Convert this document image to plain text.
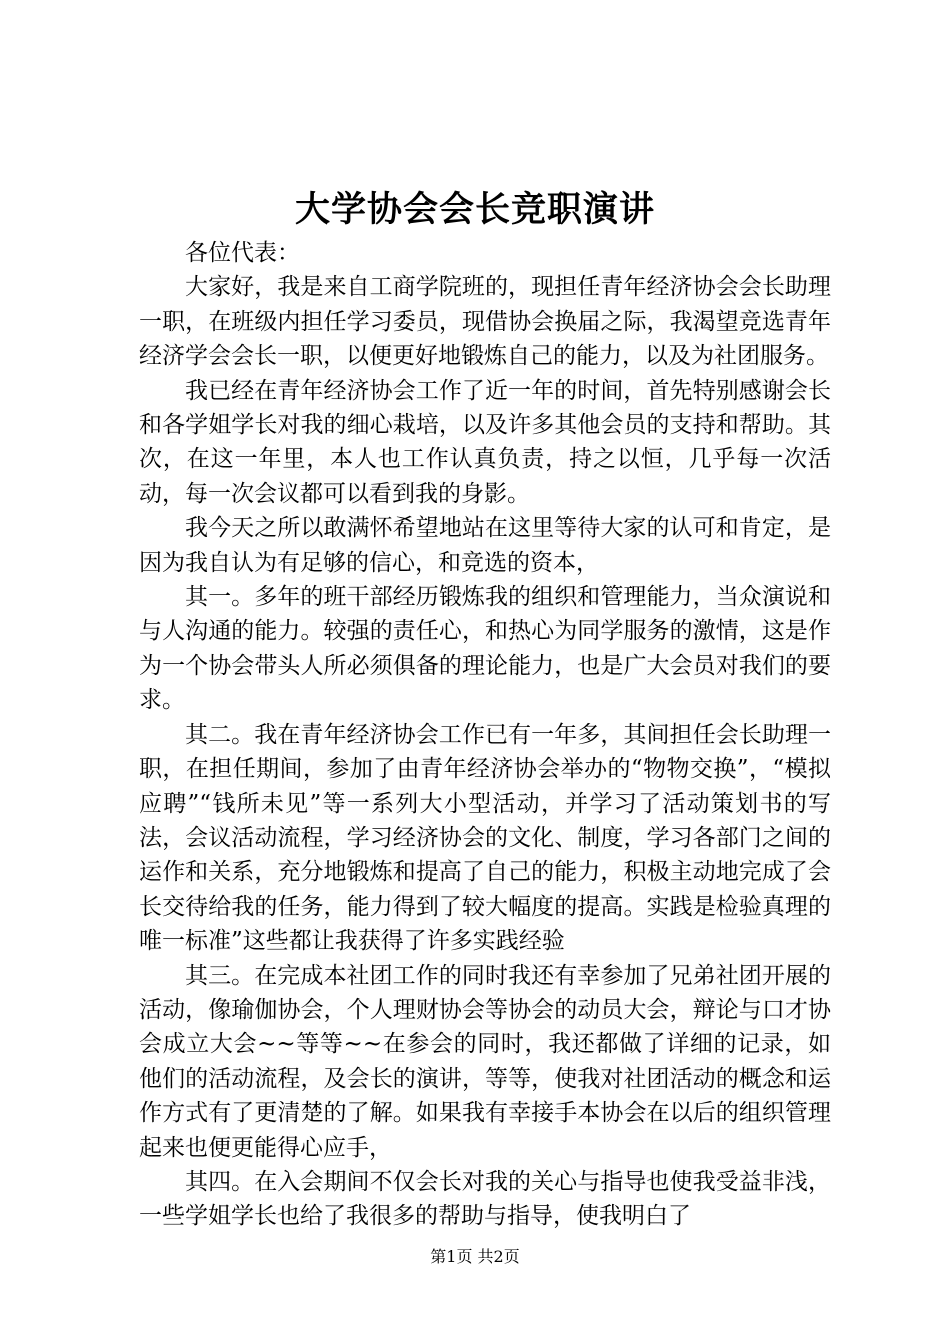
大学协会会长竞职演讲

各位代表：

大家好，我是来自工商学院班的，现担任青年经济协会会长助理一职，在班级内担任学习委员，现借协会换届之际，我渴望竞选青年经济学会会长一职，以便更好地锻炼自己的能力，以及为社团服务。

我已经在青年经济协会工作了近一年的时间，首先特别感谢会长和各学姐学长对我的细心栽培，以及许多其他会员的支持和帮助。其次，在这一年里，本人也工作认真负责，持之以恒，几乎每一次活动，每一次会议都可以看到我的身影。

我今天之所以敢满怀希望地站在这里等待大家的认可和肯定，是因为我自认为有足够的信心，和竞选的资本，

其一。多年的班干部经历锻炼我的组织和管理能力，当众演说和与人沟通的能力。较强的责任心，和热心为同学服务的激情，这是作为一个协会带头人所必须俱备的理论能力，也是广大会员对我们的要求。

其二。我在青年经济协会工作已有一年多，其间担任会长助理一职，在担任期间，参加了由青年经济协会举办的“物物交换”，“模拟应聘”“钱所未见”等一系列大小型活动，并学习了活动策划书的写法，会议活动流程，学习经济协会的文化、制度，学习各部门之间的运作和关系，充分地锻炼和提高了自己的能力，积极主动地完成了会长交待给我的任务，能力得到了较大幅度的提高。实践是检验真理的唯一标准”这些都让我获得了许多实践经验

其三。在完成本社团工作的同时我还有幸参加了兄弟社团开展的活动，像瑜伽协会，个人理财协会等协会的动员大会，辩论与口才协会成立大会~~等等~~在参会的同时，我还都做了详细的记录，如他们的活动流程，及会长的演讲，等等，使我对社团活动的概念和运作方式有了更清楚的了解。如果我有幸接手本协会在以后的组织管理起来也便更能得心应手，

其四。在入会期间不仅会长对我的关心与指导也使我受益非浅，一些学姐学长也给了我很多的帮助与指导，使我明白了

第1页 共2页
